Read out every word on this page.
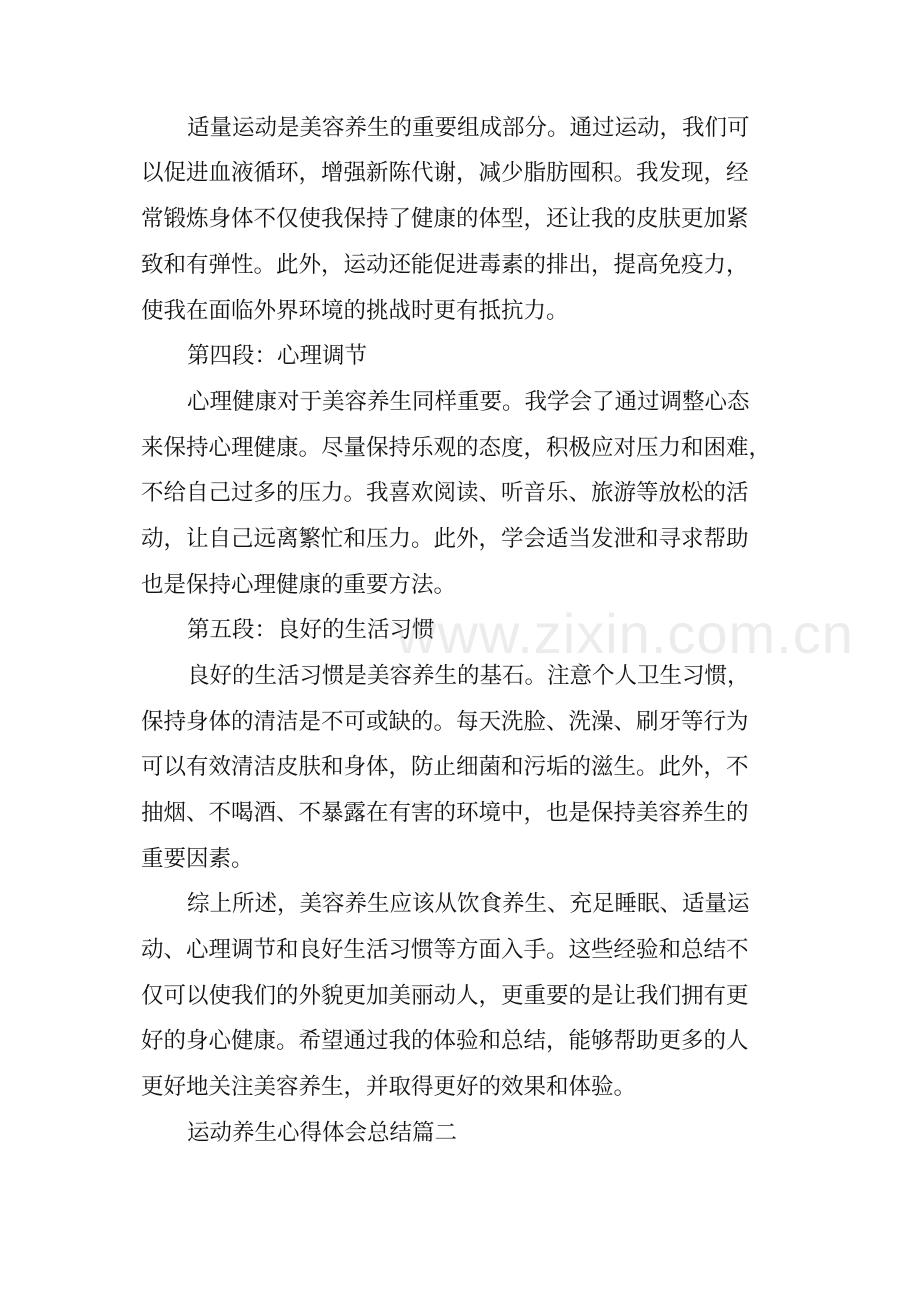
适量运动是美容养生的重要组成部分。通过运动，我们可
以促进血液循环，增强新陈代谢，减少脂肪囤积。我发现，经
常锻炼身体不仅使我保持了健康的体型，还让我的皮肤更加紧
致和有弹性。此外，运动还能促进毒素的排出，提高免疫力，
使我在面临外界环境的挑战时更有抵抗力。
第四段：心理调节
心理健康对于美容养生同样重要。我学会了通过调整心态
来保持心理健康。尽量保持乐观的态度，积极应对压力和困难，
不给自己过多的压力。我喜欢阅读、听音乐、旅游等放松的活
动，让自己远离繁忙和压力。此外，学会适当发泄和寻求帮助
也是保持心理健康的重要方法。
第五段：良好的生活习惯
良好的生活习惯是美容养生的基石。注意个人卫生习惯，
保持身体的清洁是不可或缺的。每天洗脸、洗澡、刷牙等行为
可以有效清洁皮肤和身体，防止细菌和污垢的滋生。此外，不
抽烟、不喝酒、不暴露在有害的环境中，也是保持美容养生的
重要因素。
综上所述，美容养生应该从饮食养生、充足睡眠、适量运
动、心理调节和良好生活习惯等方面入手。这些经验和总结不
仅可以使我们的外貌更加美丽动人，更重要的是让我们拥有更
好的身心健康。希望通过我的体验和总结，能够帮助更多的人
更好地关注美容养生，并取得更好的效果和体验。
运动养生心得体会总结篇二
www.zixin.com.cn
